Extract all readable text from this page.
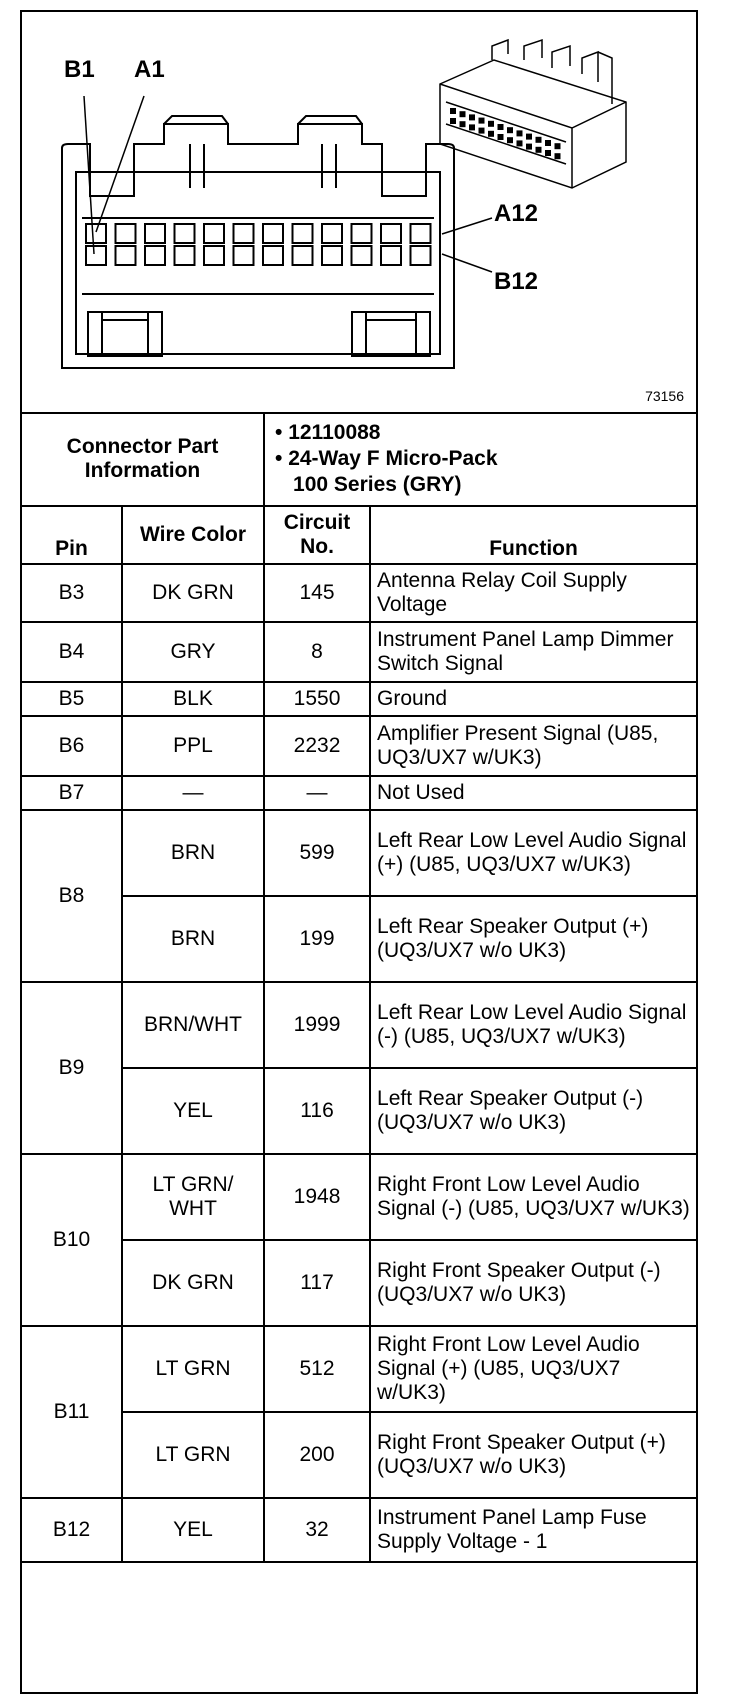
B1 A1
A12
B12
73156
Connector Part Information		• 12110088
• 24-Way F Micro-Pack
100 Series (GRY)	

Pin	Wire Color	Circuit No.	Function
B3	DK GRN	145	Antenna Relay Coil Supply Voltage
B4	GRY	8	Instrument Panel Lamp Dimmer Switch Signal
B5	BLK	1550	Ground
B6	PPL	2232	Amplifier Present Signal (U85, UQ3/UX7 w/UK3)
B7	—	—	Not Used
B8	BRN	599	Left Rear Low Level Audio Signal (+) (U85, UQ3/UX7 w/UK3)
	BRN	199	Left Rear Speaker Output (+) (UQ3/UX7 w/o UK3)
B9	BRN/WHT	1999	Left Rear Low Level Audio Signal (-) (U85, UQ3/UX7 w/UK3)
	YEL	116	Left Rear Speaker Output (-) (UQ3/UX7 w/o UK3)
B10	LT GRN/ WHT	1948	Right Front Low Level Audio Signal (-) (U85, UQ3/UX7 w/UK3)
	DK GRN	117	Right Front Speaker Output (-) (UQ3/UX7 w/o UK3)
B11	LT GRN	512	Right Front Low Level Audio Signal (+) (U85, UQ3/UX7 w/UK3)
	LT GRN	200	Right Front Speaker Output (+) (UQ3/UX7 w/o UK3)
B12	YEL	32	Instrument Panel Lamp Fuse Supply Voltage - 1
